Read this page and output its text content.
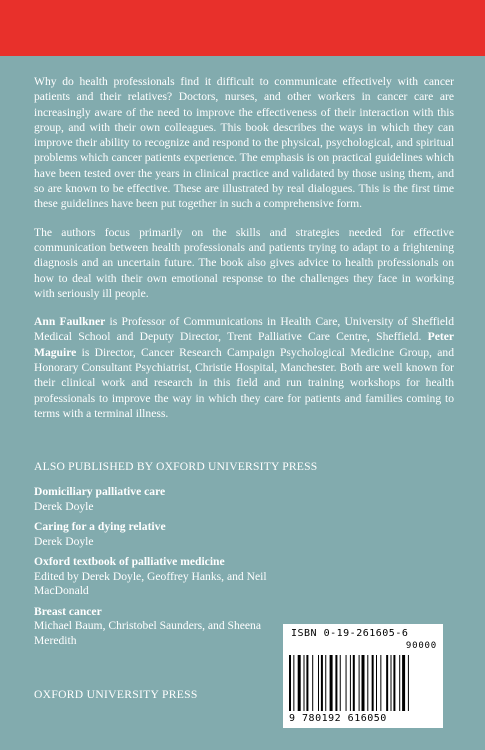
Why do health professionals find it difficult to communicate effectively with cancer patients and their relatives? Doctors, nurses, and other workers in cancer care are increasingly aware of the need to improve the effectiveness of their interaction with this group, and with their own colleagues. This book describes the ways in which they can improve their ability to recognize and respond to the physical, psychological, and spiritual problems which cancer patients experience. The emphasis is on practical guidelines which have been tested over the years in clinical practice and validated by those using them, and so are known to be effective. These are illustrated by real dialogues. This is the first time these guidelines have been put together in such a comprehensive form.

The authors focus primarily on the skills and strategies needed for effective communication between health professionals and patients trying to adapt to a frightening diagnosis and an uncertain future. The book also gives advice to health professionals on how to deal with their own emotional response to the challenges they face in working with seriously ill people.

Ann Faulkner is Professor of Communications in Health Care, University of Sheffield Medical School and Deputy Director, Trent Palliative Care Centre, Sheffield. Peter Maguire is Director, Cancer Research Campaign Psychological Medicine Group, and Honorary Consultant Psychiatrist, Christie Hospital, Manchester. Both are well known for their clinical work and research in this field and run training workshops for health professionals to improve the way in which they care for patients and families coming to terms with a terminal illness.

ALSO PUBLISHED BY OXFORD UNIVERSITY PRESS
Domiciliary palliative care
Derek Doyle
Caring for a dying relative
Derek Doyle
Oxford textbook of palliative medicine
Edited by Derek Doyle, Geoffrey Hanks, and Neil MacDonald
Breast cancer
Michael Baum, Christobel Saunders, and Sheena Meredith
OXFORD UNIVERSITY PRESS
ISBN 0-19-261605-6
90000
9 780192 616050
